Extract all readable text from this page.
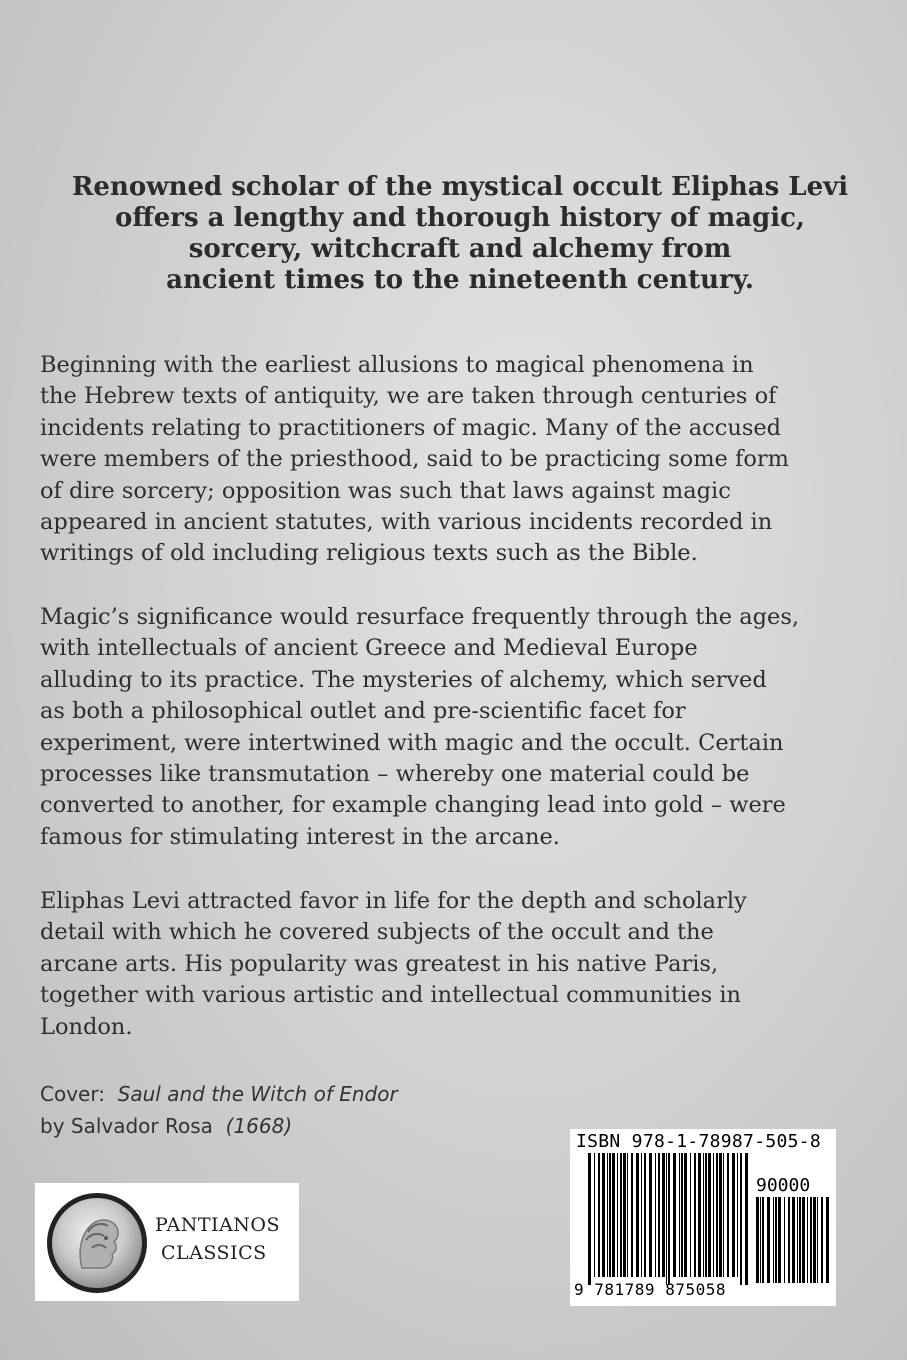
Renowned scholar of the mystical occult Eliphas Levi
offers a lengthy and thorough history of magic,
sorcery, witchcraft and alchemy from
ancient times to the nineteenth century.
Beginning with the earliest allusions to magical phenomena in
the Hebrew texts of antiquity, we are taken through centuries of
incidents relating to practitioners of magic. Many of the accused
were members of the priesthood, said to be practicing some form
of dire sorcery; opposition was such that laws against magic
appeared in ancient statutes, with various incidents recorded in
writings of old including religious texts such as the Bible.
Magic’s significance would resurface frequently through the ages,
with intellectuals of ancient Greece and Medieval Europe
alluding to its practice. The mysteries of alchemy, which served
as both a philosophical outlet and pre-scientific facet for
experiment, were intertwined with magic and the occult. Certain
processes like transmutation – whereby one material could be
converted to another, for example changing lead into gold – were
famous for stimulating interest in the arcane.
Eliphas Levi attracted favor in life for the depth and scholarly
detail with which he covered subjects of the occult and the
arcane arts. His popularity was greatest in his native Paris,
together with various artistic and intellectual communities in
London.
Cover: Saul and the Witch of Endor
by Salvador Rosa (1668)
PANTIANOS
CLASSICS
ISBN 978-1-78987-505-8
90000
9 781789 875058
